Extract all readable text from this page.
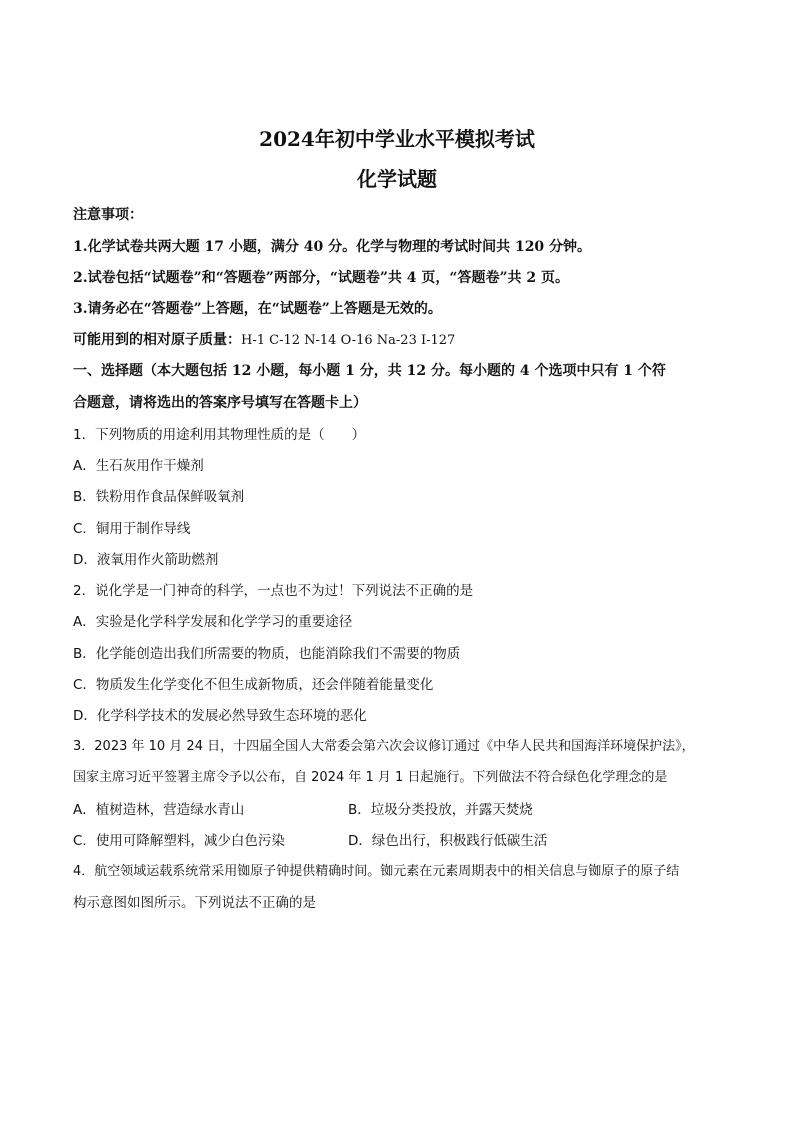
2024年初中学业水平模拟考试
化学试题
注意事项：
1.化学试卷共两大题 17 小题，满分 40 分。化学与物理的考试时间共 120 分钟。
2.试卷包括“试题卷”和“答题卷”两部分，“试题卷”共 4 页，“答题卷”共 2 页。
3.请务必在“答题卷”上答题，在“试题卷”上答题是无效的。
可能用到的相对原子质量：H-1 C-12 N-14 O-16 Na-23 I-127
一、选择题（本大题包括 12 小题，每小题 1 分，共 12 分。每小题的 4 个选项中只有 1 个符
合题意，请将选出的答案序号填写在答题卡上）
1．下列物质的用途利用其物理性质的是（　　）
A．生石灰用作干燥剂
B．铁粉用作食品保鲜吸氧剂
C．铜用于制作导线
D．液氧用作火箭助燃剂
2．说化学是一门神奇的科学，一点也不为过！下列说法不正确的是
A．实验是化学科学发展和化学学习的重要途径
B．化学能创造出我们所需要的物质，也能消除我们不需要的物质
C．物质发生化学变化不但生成新物质，还会伴随着能量变化
D．化学科学技术的发展必然导致生态环境的恶化
3．2023 年 10 月 24 日，十四届全国人大常委会第六次会议修订通过《中华人民共和国海洋环境保护法》，
国家主席习近平签署主席令予以公布，自 2024 年 1 月 1 日起施行。下列做法不符合绿色化学理念的是
A．植树造林，营造绿水青山	B．垃圾分类投放，并露天焚烧
C．使用可降解塑料，减少白色污染	D．绿色出行，积极践行低碳生活
4．航空领域运载系统常采用铷原子钟提供精确时间。铷元素在元素周期表中的相关信息与铷原子的原子结
构示意图如图所示。下列说法不正确的是
